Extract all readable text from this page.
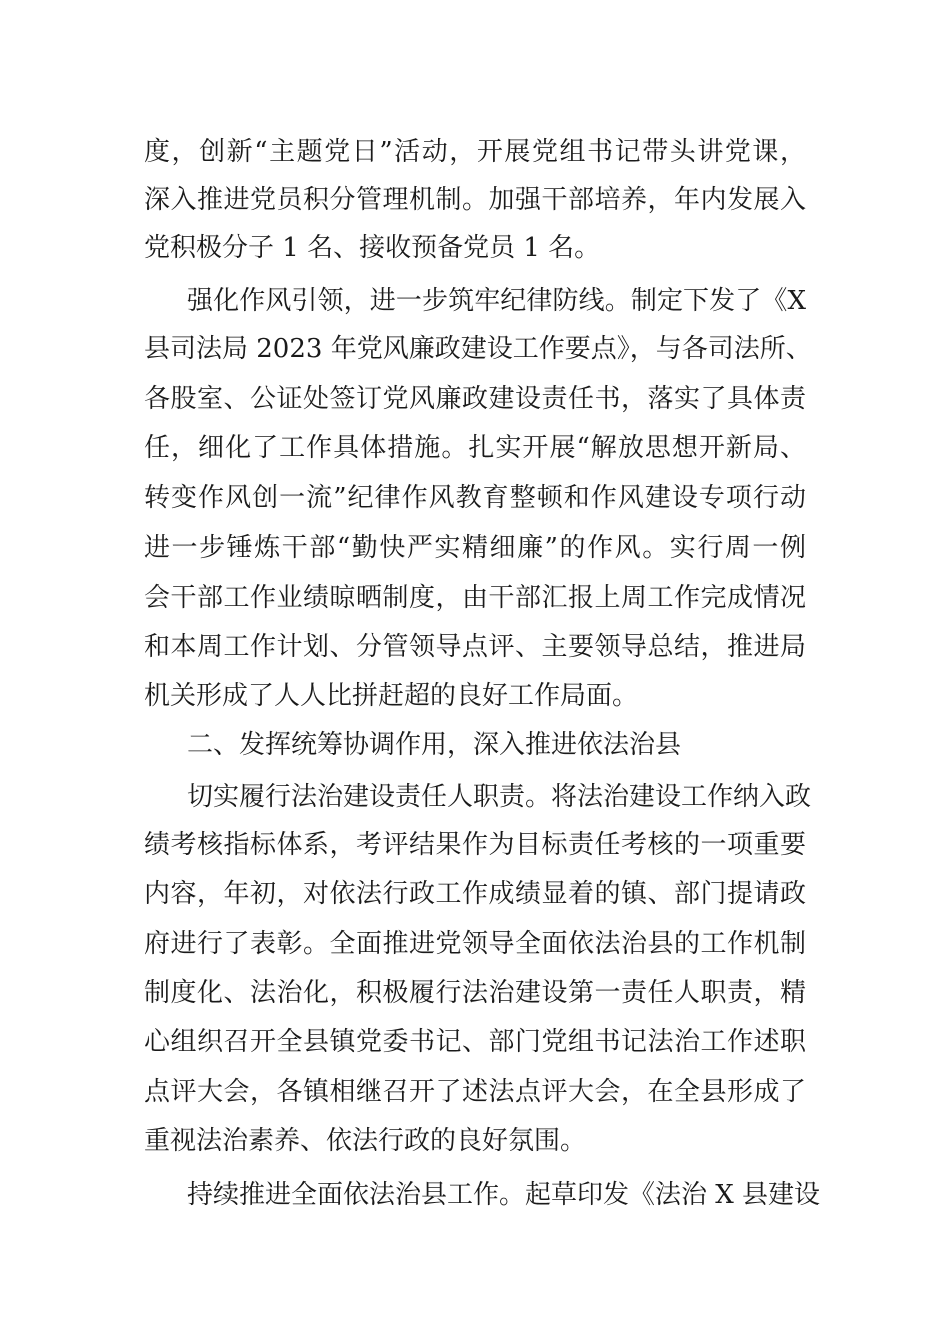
度，创新“主题党日”活动，开展党组书记带头讲党课，
深入推进党员积分管理机制。加强干部培养，年内发展入
党积极分子 1 名、接收预备党员 1 名。
强化作风引领，进一步筑牢纪律防线。制定下发了《X
县司法局 2023 年党风廉政建设工作要点》，与各司法所、
各股室、公证处签订党风廉政建设责任书，落实了具体责
任，细化了工作具体措施。扎实开展“解放思想开新局、
转变作风创一流”纪律作风教育整顿和作风建设专项行动
进一步锤炼干部“勤快严实精细廉”的作风。实行周一例
会干部工作业绩晾晒制度，由干部汇报上周工作完成情况
和本周工作计划、分管领导点评、主要领导总结，推进局
机关形成了人人比拼赶超的良好工作局面。
二、发挥统筹协调作用，深入推进依法治县
切实履行法治建设责任人职责。将法治建设工作纳入政
绩考核指标体系，考评结果作为目标责任考核的一项重要
内容，年初，对依法行政工作成绩显着的镇、部门提请政
府进行了表彰。全面推进党领导全面依法治县的工作机制
制度化、法治化，积极履行法治建设第一责任人职责，精
心组织召开全县镇党委书记、部门党组书记法治工作述职
点评大会，各镇相继召开了述法点评大会，在全县形成了
重视法治素养、依法行政的良好氛围。
持续推进全面依法治县工作。起草印发《法治 X 县建设
